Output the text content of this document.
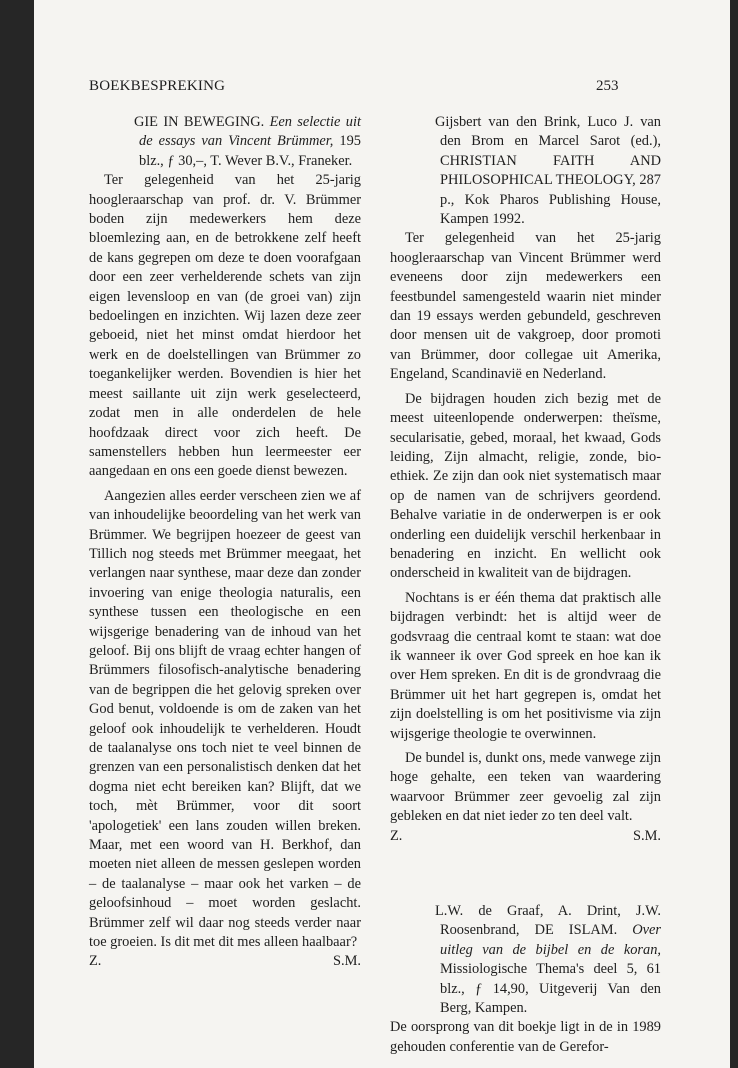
BOEKBESPREKING	253
GIE IN BEWEGING. Een selectie uit de essays van Vincent Brümmer, 195 blz., ƒ 30,–, T. Wever B.V., Franeker.

Ter gelegenheid van het 25-jarig hoogleraarschap van prof. dr. V. Brümmer boden zijn medewerkers hem deze bloemlezing aan, en de betrokkene zelf heeft de kans gegrepen om deze te doen voorafgaan door een zeer verhelderende schets van zijn eigen levensloop en van (de groei van) zijn bedoelingen en inzichten. Wij lazen deze zeer geboeid, niet het minst omdat hierdoor het werk en de doelstellingen van Brümmer zo toegankelijker werden. Bovendien is hier het meest saillante uit zijn werk geselecteerd, zodat men in alle onderdelen de hele hoofdzaak direct voor zich heeft. De samenstellers hebben hun leermeester eer aangedaan en ons een goede dienst bewezen.

Aangezien alles eerder verscheen zien we af van inhoudelijke beoordeling van het werk van Brümmer. We begrijpen hoezeer de geest van Tillich nog steeds met Brümmer meegaat, het verlangen naar synthese, maar deze dan zonder invoering van enige theologia naturalis, een synthese tussen een theologische en een wijsgerige benadering van de inhoud van het geloof. Bij ons blijft de vraag echter hangen of Brümmers filosofisch-analytische benadering van de begrippen die het gelovig spreken over God benut, voldoende is om de zaken van het geloof ook inhoudelijk te verhelderen. Houdt de taalanalyse ons toch niet te veel binnen de grenzen van een personalistisch denken dat het dogma niet echt bereiken kan? Blijft, dat we toch, mèt Brümmer, voor dit soort 'apologetiek' een lans zouden willen breken. Maar, met een woord van H. Berkhof, dan moeten niet alleen de messen geslepen worden – de taalanalyse – maar ook het varken – de geloofsinhoud – moet worden geslacht. Brümmer zelf wil daar nog steeds verder naar toe groeien. Is dit met dit mes alleen haalbaar?

Z.	S.M.
Gijsbert van den Brink, Luco J. van den Brom en Marcel Sarot (ed.), CHRISTIAN FAITH AND PHILOSOPHICAL THEOLOGY, 287 p., Kok Pharos Publishing House, Kampen 1992.

Ter gelegenheid van het 25-jarig hoogleraarschap van Vincent Brümmer werd eveneens door zijn medewerkers een feestbundel samengesteld waarin niet minder dan 19 essays werden gebundeld, geschreven door mensen uit de vakgroep, door promoti van Brümmer, door collegae uit Amerika, Engeland, Scandinavië en Nederland.

De bijdragen houden zich bezig met de meest uiteenlopende onderwerpen: theïsme, secularisatie, gebed, moraal, het kwaad, Gods leiding, Zijn almacht, religie, zonde, bio-ethiek. Ze zijn dan ook niet systematisch maar op de namen van de schrijvers geordend. Behalve variatie in de onderwerpen is er ook onderling een duidelijk verschil herkenbaar in benadering en inzicht. En wellicht ook onderscheid in kwaliteit van de bijdragen.

Nochtans is er één thema dat praktisch alle bijdragen verbindt: het is altijd weer de godsvraag die centraal komt te staan: wat doe ik wanneer ik over God spreek en hoe kan ik over Hem spreken. En dit is de grondvraag die Brümmer uit het hart gegrepen is, omdat het zijn doelstelling is om het positivisme via zijn wijsgerige theologie te overwinnen.

De bundel is, dunkt ons, mede vanwege zijn hoge gehalte, een teken van waardering waarvoor Brümmer zeer gevoelig zal zijn gebleken en dat niet ieder zo ten deel valt.

Z.	S.M.
L.W. de Graaf, A. Drint, J.W. Roosenbrand, DE ISLAM. Over uitleg van de bijbel en de koran, Missiologische Thema's deel 5, 61 blz., ƒ 14,90, Uitgeverij Van den Berg, Kampen.

De oorsprong van dit boekje ligt in de in 1989 gehouden conferentie van de Gerefor-
